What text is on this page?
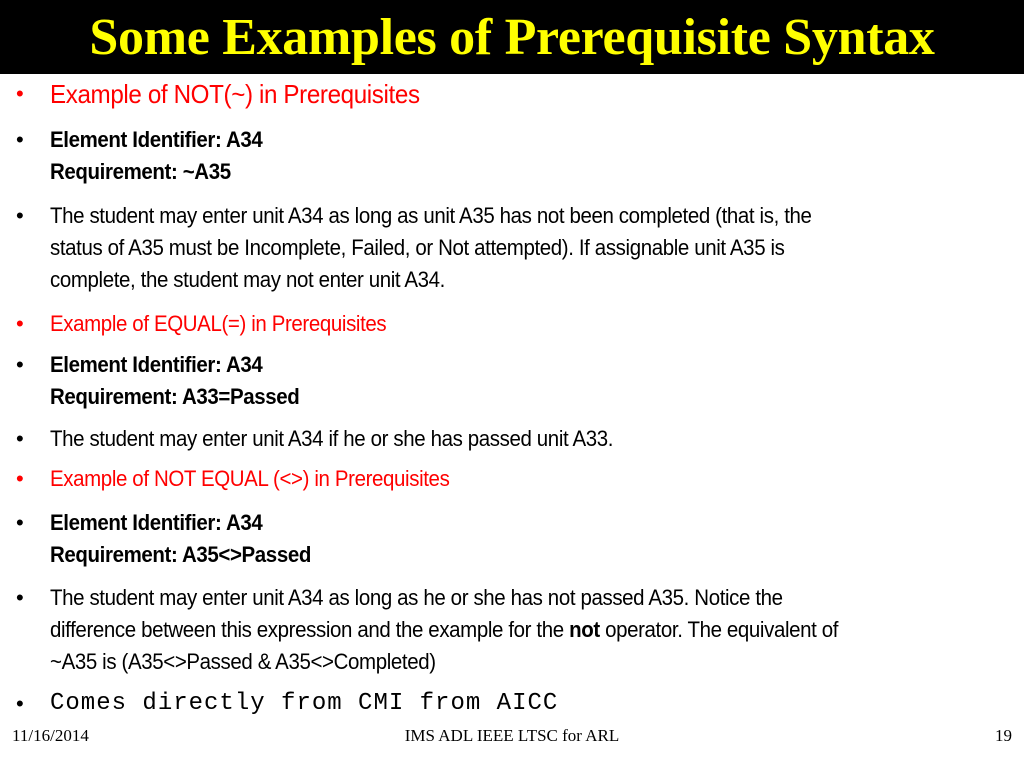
Some Examples of Prerequisite Syntax
• Example of NOT(~) in Prerequisites
• Element Identifier: A34
Requirement: ~A35
• The student may enter unit A34 as long as unit A35 has not been completed (that is, the
status of A35 must be Incomplete, Failed, or Not attempted). If assignable unit A35 is
complete, the student may not enter unit A34.
• Example of EQUAL(=) in Prerequisites
• Element Identifier: A34
Requirement: A33=Passed
• The student may enter unit A34 if he or she has passed unit A33.
• Example of NOT EQUAL (<>) in Prerequisites
• Element Identifier: A34
Requirement: A35<>Passed
• The student may enter unit A34 as long as he or she has not passed A35. Notice the
difference between this expression and the example for the not operator. The equivalent of
~A35 is (A35<>Passed & A35<>Completed)
• Comes directly from CMI from AICC
11/16/2014	IMS ADL IEEE LTSC for ARL	19
